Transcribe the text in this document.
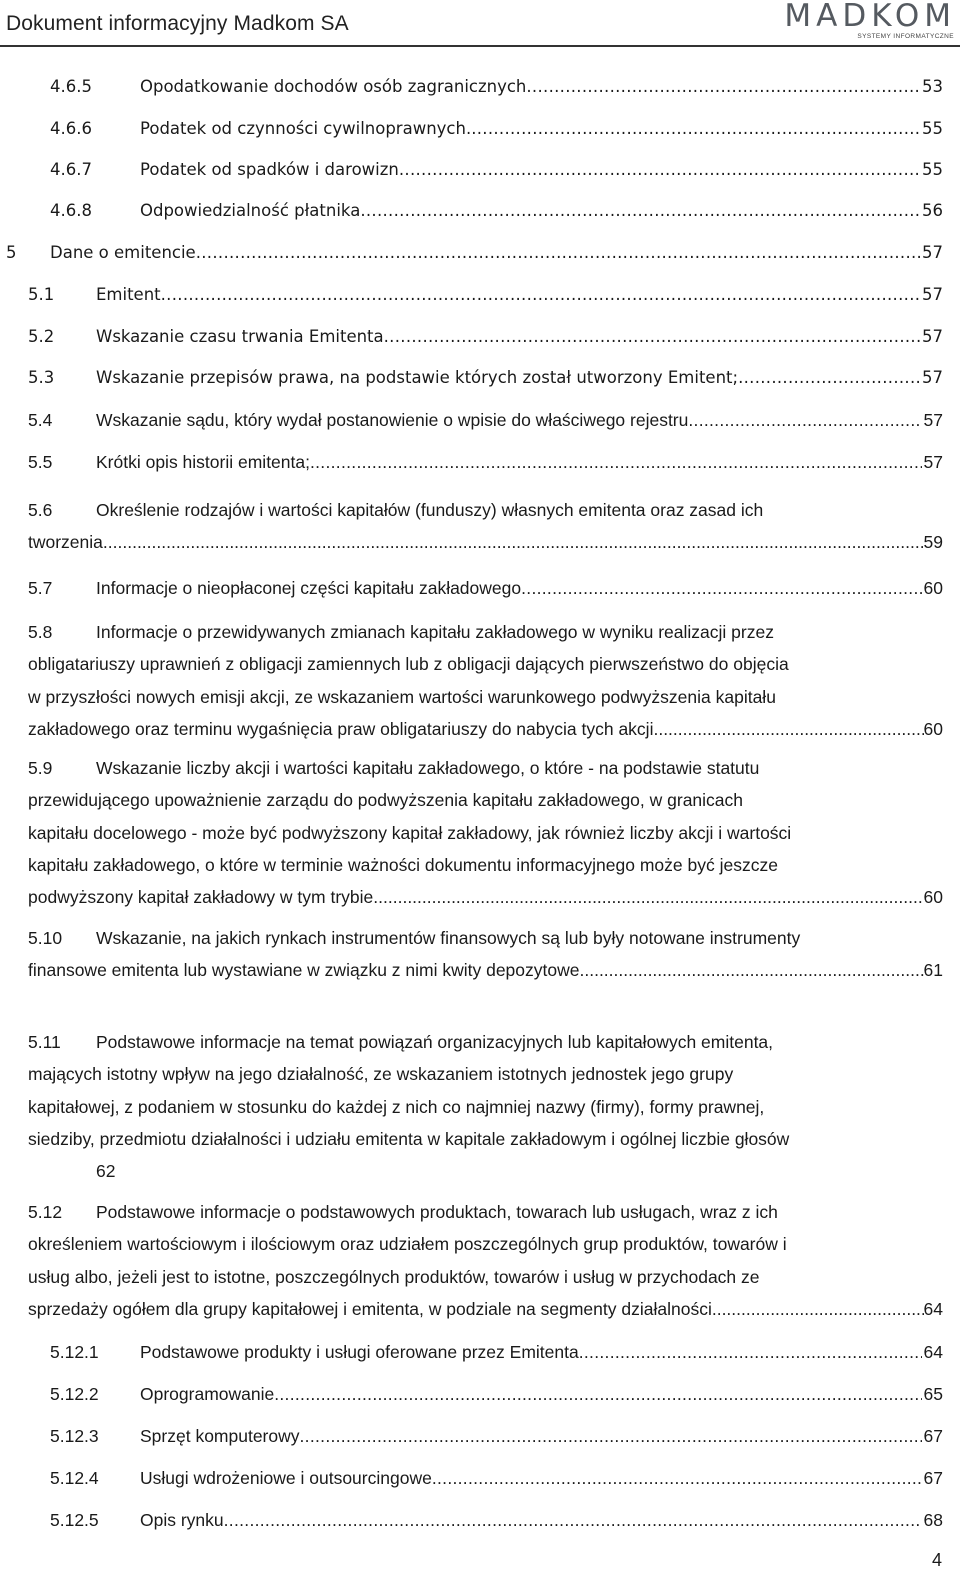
Dokument informacyjny Madkom SA	MADKOM
SYSTEMY INFORMATYCZNE
4.6.5	Opodatkowanie dochodów osób zagranicznych .....	53
4.6.6	Podatek od czynności cywilnoprawnych. .....	55
4.6.7	Podatek od spadków i darowizn .....	55
4.6.8	Odpowiedzialność płatnika .....	56
5	Dane o emitencie .....	57
5.1	Emitent .....	57
5.2	Wskazanie czasu trwania Emitenta .....	57
5.3	Wskazanie przepisów prawa, na podstawie których został utworzony Emitent; .....	57
5.4	Wskazanie sądu, który wydał postanowienie o wpisie do właściwego rejestru .....	57
5.5	Krótki opis historii emitenta; .....	57
5.6	Określenie rodzajów i wartości kapitałów (funduszy) własnych emitenta oraz zasad ich
tworzenia .....	59
5.7	Informacje o nieopłaconej części kapitału zakładowego .....	60
5.8	Informacje o przewidywanych zmianach kapitału zakładowego w wyniku realizacji przez
obligatariuszy uprawnień z obligacji zamiennych lub z obligacji dających pierwszeństwo do objęcia
w przyszłości nowych emisji akcji, ze wskazaniem wartości warunkowego podwyższenia kapitału
zakładowego oraz terminu wygaśnięcia praw obligatariuszy do nabycia tych akcji. .....	60
5.9	Wskazanie liczby akcji i wartości kapitału zakładowego, o które - na podstawie statutu
przewidującego upoważnienie zarządu do podwyższenia kapitału zakładowego, w granicach
kapitału docelowego - może być podwyższony kapitał zakładowy, jak również liczby akcji i wartości
kapitału zakładowego, o które w terminie ważności dokumentu informacyjnego może być jeszcze
podwyższony kapitał zakładowy w tym trybie .....	60
5.10	Wskazanie, na jakich rynkach instrumentów finansowych są lub były notowane instrumenty
finansowe emitenta lub wystawiane w związku z nimi kwity depozytowe .....	61
5.11	Podstawowe informacje na temat powiązań organizacyjnych lub kapitałowych emitenta,
mających istotny wpływ na jego działalność, ze wskazaniem istotnych jednostek jego grupy
kapitałowej, z podaniem w stosunku do każdej z nich co najmniej nazwy (firmy), formy prawnej,
siedziby, przedmiotu działalności i udziału emitenta w kapitale zakładowym i ogólnej liczbie głosów
62
5.12	Podstawowe informacje o podstawowych produktach, towarach lub usługach, wraz z ich
określeniem wartościowym i ilościowym oraz udziałem poszczególnych grup produktów, towarów i
usług albo, jeżeli jest to istotne, poszczególnych produktów, towarów i usług w przychodach ze
sprzedaży ogółem dla grupy kapitałowej i emitenta, w podziale na segmenty działalności .....	64
5.12.1	Podstawowe produkty i usługi oferowane przez Emitenta .....	64
5.12.2	Oprogramowanie .....	65
5.12.3	Sprzęt komputerowy .....	67
5.12.4	Usługi wdrożeniowe i outsourcingowe .....	67
5.12.5	Opis rynku .....	68
4
